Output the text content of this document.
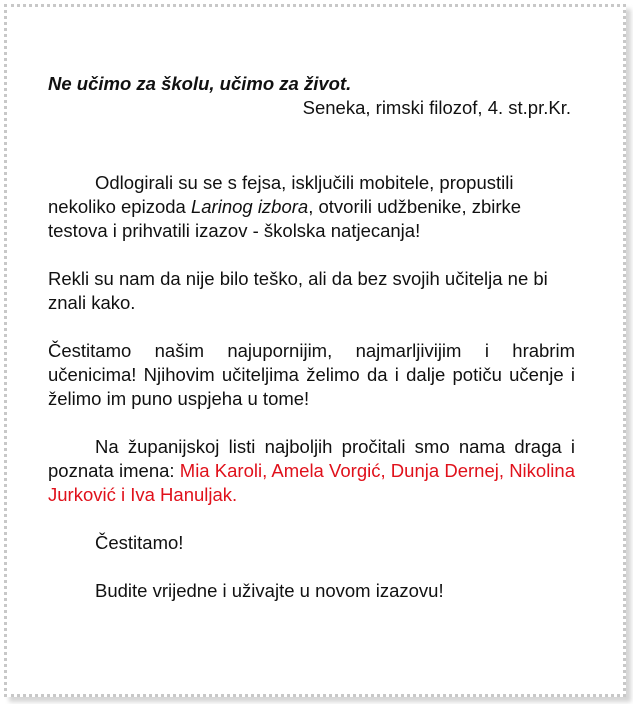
Ne učimo za školu, učimo za život.

Seneka, rimski filozof, 4. st.pr.Kr.

Odlogirali su se s fejsa, isključili mobitele, propustili nekoliko epizoda Larinog izbora, otvorili udžbenike, zbirke testova i prihvatili izazov - školska natjecanja!

Rekli su nam da nije bilo teško, ali da bez svojih učitelja ne bi znali kako.

Čestitamo našim najupornijim, najmarljivijim i hrabrim učenicima! Njihovim učiteljima želimo da i dalje potiču učenje i želimo im puno uspjeha u tome!

Na županijskoj listi najboljih pročitali smo nama draga i poznata imena: Mia Karoli, Amela Vorgić, Dunja Dernej, Nikolina Jurković i Iva Hanuljak.

Čestitamo!

Budite vrijedne i uživajte u novom izazovu!
